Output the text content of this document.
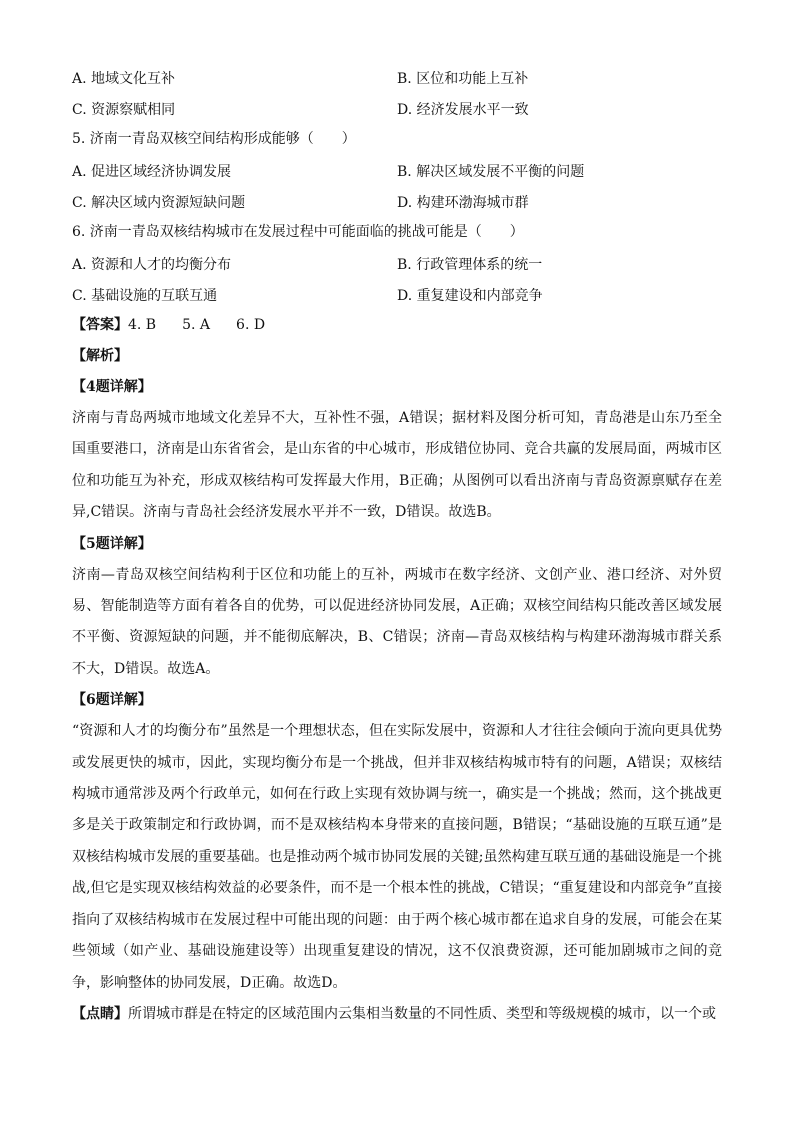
A. 地域文化互补	B. 区位和功能上互补
C. 资源察赋相同	D. 经济发展水平一致
5. 济南一青岛双核空间结构形成能够（　　）
A. 促进区域经济协调发展	B. 解决区域发展不平衡的问题
C. 解决区域内资源短缺问题	D. 构建环渤海城市群
6. 济南一青岛双核结构城市在发展过程中可能面临的挑战可能是（　　）
A. 资源和人才的均衡分布	B. 行政管理体系的统一
C. 基础设施的互联互通	D. 重复建设和内部竞争
【答案】4. B 5. A 6. D
【解析】
【4题详解】
济南与青岛两城市地域文化差异不大，互补性不强，A错误；据材料及图分析可知，青岛港是山东乃至全国重要港口，济南是山东省省会，是山东省的中心城市，形成错位协同、竞合共赢的发展局面，两城市区位和功能互为补充，形成双核结构可发挥最大作用，B正确；从图例可以看出济南与青岛资源禀赋存在差异,C错误。济南与青岛社会经济发展水平并不一致，D错误。故选B。
【5题详解】
济南—青岛双核空间结构利于区位和功能上的互补，两城市在数字经济、文创产业、港口经济、对外贸易、智能制造等方面有着各自的优势，可以促进经济协同发展，A正确；双核空间结构只能改善区域发展不平衡、资源短缺的问题，并不能彻底解决，B、C错误；济南—青岛双核结构与构建环渤海城市群关系不大，D错误。故选A。
【6题详解】
“资源和人才的均衡分布”虽然是一个理想状态，但在实际发展中，资源和人才往往会倾向于流向更具优势或发展更快的城市，因此，实现均衡分布是一个挑战，但并非双核结构城市特有的问题，A错误；双核结构城市通常涉及两个行政单元，如何在行政上实现有效协调与统一，确实是一个挑战；然而，这个挑战更多是关于政策制定和行政协调，而不是双核结构本身带来的直接问题，B错误；“基础设施的互联互通”是双核结构城市发展的重要基础。也是推动两个城市协同发展的关键;虽然构建互联互通的基础设施是一个挑战,但它是实现双核结构效益的必要条件，而不是一个根本性的挑战，C错误；“重复建设和内部竞争”直接指向了双核结构城市在发展过程中可能出现的问题：由于两个核心城市都在追求自身的发展，可能会在某些领域（如产业、基础设施建设等）出现重复建设的情况，这不仅浪费资源，还可能加剧城市之间的竞争，影响整体的协同发展，D正确。故选D。
【点睛】所谓城市群是在特定的区域范围内云集相当数量的不同性质、类型和等级规模的城市，以一个或
